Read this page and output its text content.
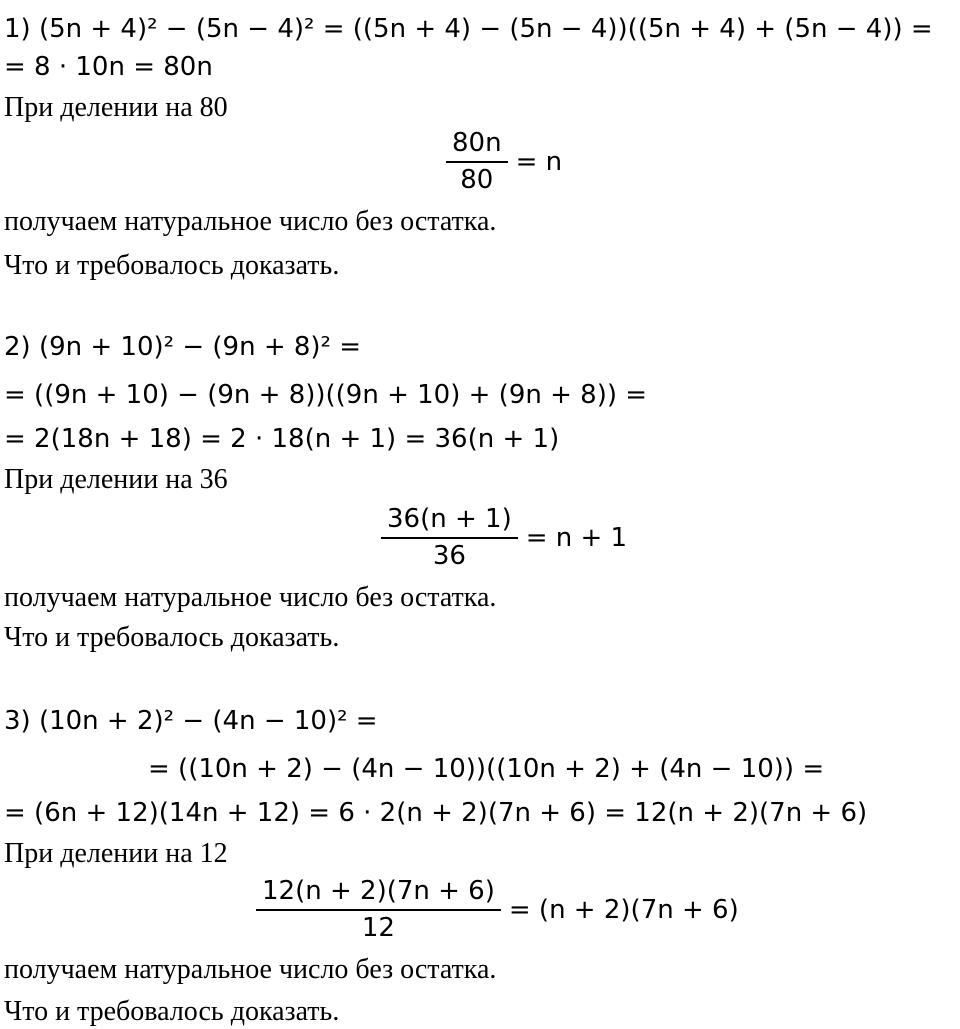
1) (5n + 4)² − (5n − 4)² = ((5n + 4) − (5n − 4))((5n + 4) + (5n − 4)) =
= 8 · 10n = 80n
При делении на 80
$\frac{80n}{80} = n$
получаем натуральное число без остатка.
Что и требовалось доказать.
2) (9n + 10)² − (9n + 8)² =
= ((9n + 10) − (9n + 8))((9n + 10) + (9n + 8)) =
= 2(18n + 18) = 2 · 18(n + 1) = 36(n + 1)
При делении на 36
$\frac{36(n + 1)}{36} = n + 1$
получаем натуральное число без остатка.
Что и требовалось доказать.
3) (10n + 2)² − (4n − 10)² =
= ((10n + 2) − (4n − 10))((10n + 2) + (4n − 10)) =
= (6n + 12)(14n + 12) = 6 · 2(n + 2)(7n + 6) = 12(n + 2)(7n + 6)
При делении на 12
$\frac{12(n + 2)(7n + 6)}{12} = (n + 2)(7n + 6)$
получаем натуральное число без остатка.
Что и требовалось доказать.
